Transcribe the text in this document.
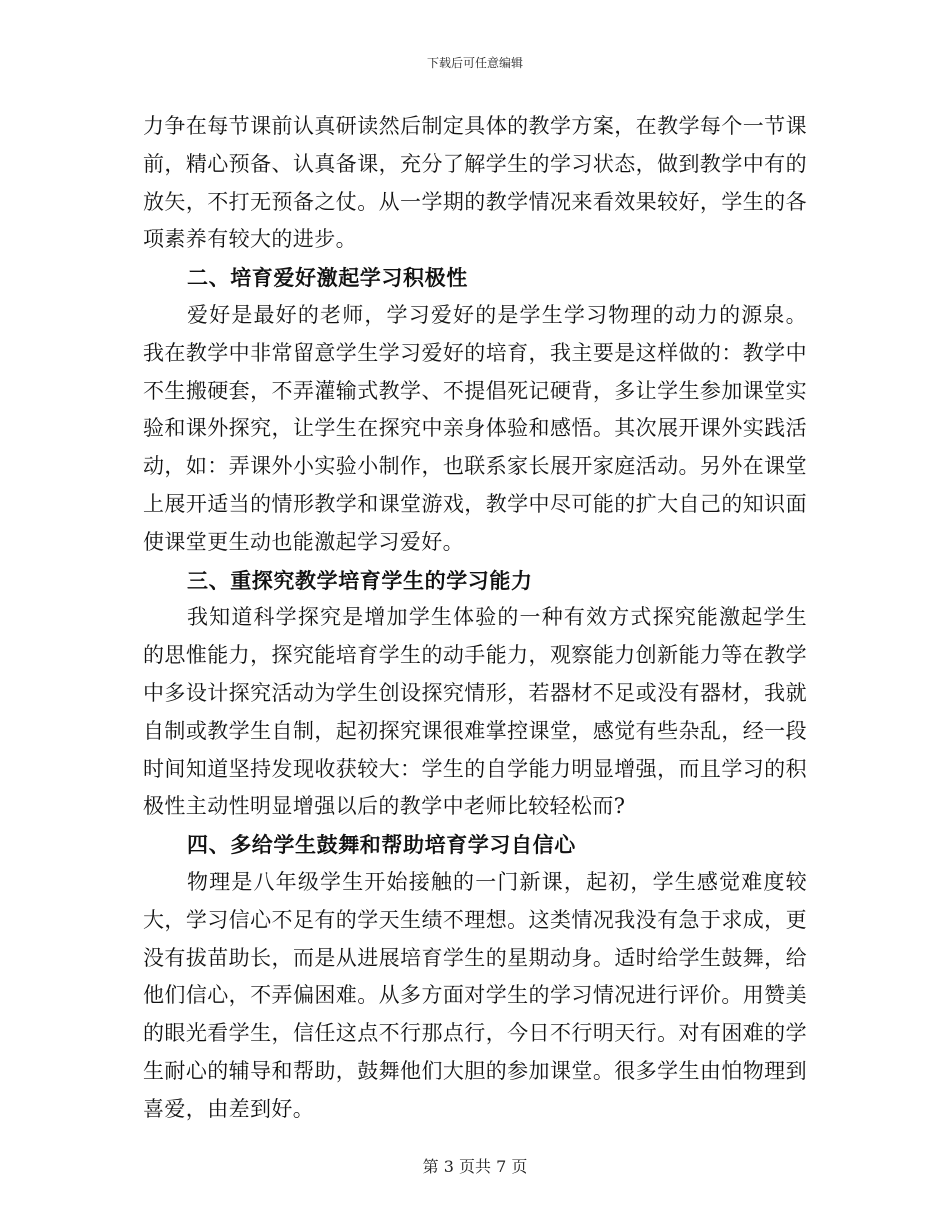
下载后可任意编辑

力争在每节课前认真研读然后制定具体的教学方案，在教学每个一节课前，精心预备、认真备课，充分了解学生的学习状态，做到教学中有的放矢，不打无预备之仗。从一学期的教学情况来看效果较好，学生的各项素养有较大的进步。

二、培育爱好激起学习积极性

爱好是最好的老师，学习爱好的是学生学习物理的动力的源泉。我在教学中非常留意学生学习爱好的培育，我主要是这样做的：教学中不生搬硬套，不弄灌输式教学、不提倡死记硬背，多让学生参加课堂实验和课外探究，让学生在探究中亲身体验和感悟。其次展开课外实践活动，如：弄课外小实验小制作，也联系家长展开家庭活动。另外在课堂上展开适当的情形教学和课堂游戏，教学中尽可能的扩大自己的知识面使课堂更生动也能激起学习爱好。

三、重探究教学培育学生的学习能力

我知道科学探究是增加学生体验的一种有效方式探究能激起学生的思惟能力，探究能培育学生的动手能力，观察能力创新能力等在教学中多设计探究活动为学生创设探究情形，若器材不足或没有器材，我就自制或教学生自制，起初探究课很难掌控课堂，感觉有些杂乱，经一段时间知道坚持发现收获较大：学生的自学能力明显增强，而且学习的积极性主动性明显增强以后的教学中老师比较轻松而?

四、多给学生鼓舞和帮助培育学习自信心

物理是八年级学生开始接触的一门新课，起初，学生感觉难度较大，学习信心不足有的学天生绩不理想。这类情况我没有急于求成，更没有拔苗助长，而是从进展培育学生的星期动身。适时给学生鼓舞，给他们信心，不弄偏困难。从多方面对学生的学习情况进行评价。用赞美的眼光看学生，信任这点不行那点行，今日不行明天行。对有困难的学生耐心的辅导和帮助，鼓舞他们大胆的参加课堂。很多学生由怕物理到喜爱，由差到好。

第 3 页共 7 页
